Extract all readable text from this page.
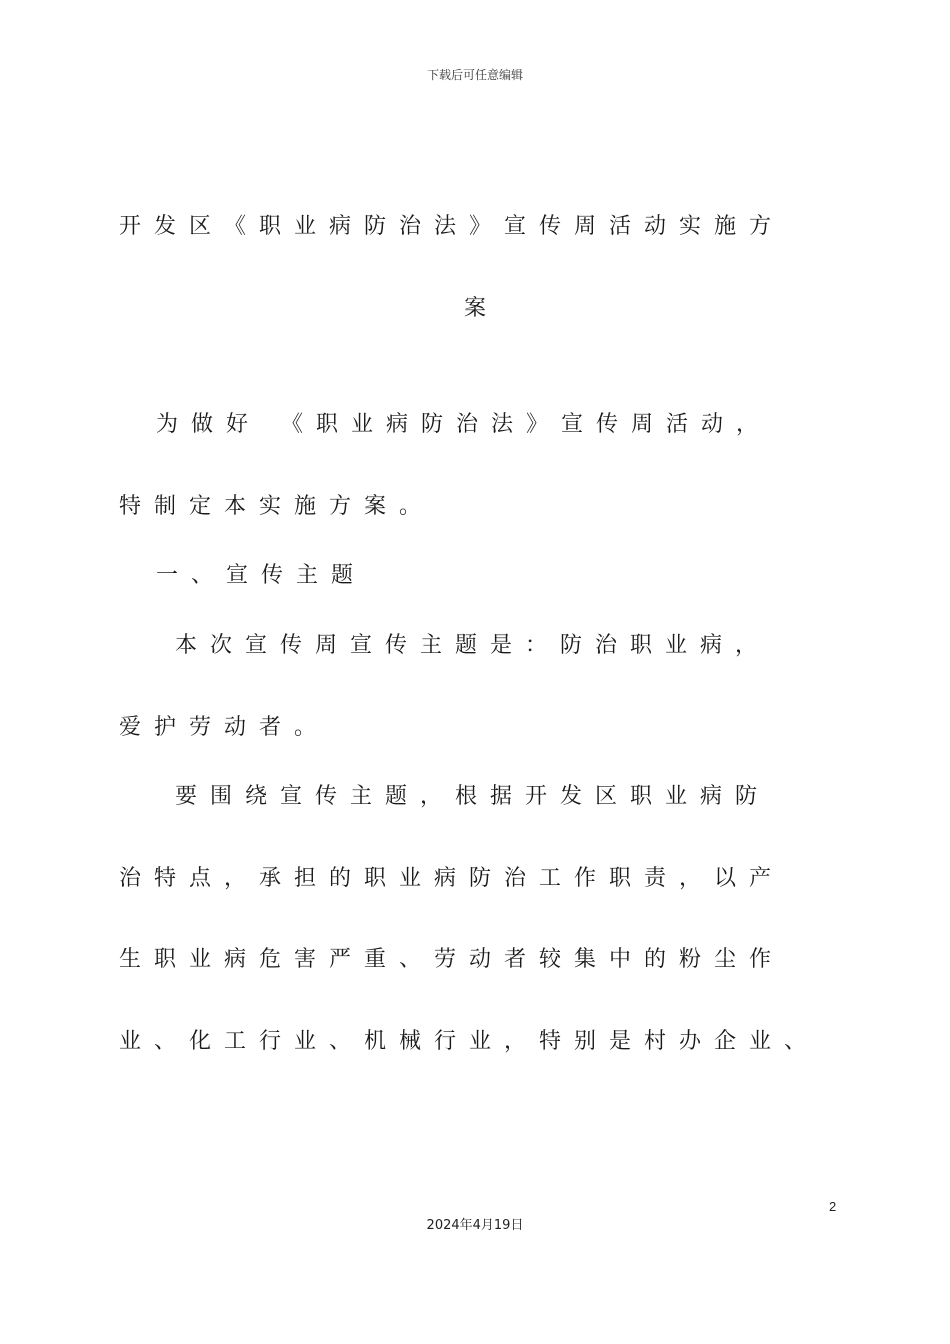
下载后可任意编辑
开发区《职业病防治法》宣传周活动实施方
案
为做好 《职业病防治法》宣传周活动，
特制定本实施方案。
一、宣传主题
本次宣传周宣传主题是：防治职业病，
爱护劳动者。
要围绕宣传主题，根据开发区职业病防
治特点，承担的职业病防治工作职责，以产
生职业病危害严重、劳动者较集中的粉尘作
业、化工行业、机械行业，特别是村办企业、
2
2024年4月19日
